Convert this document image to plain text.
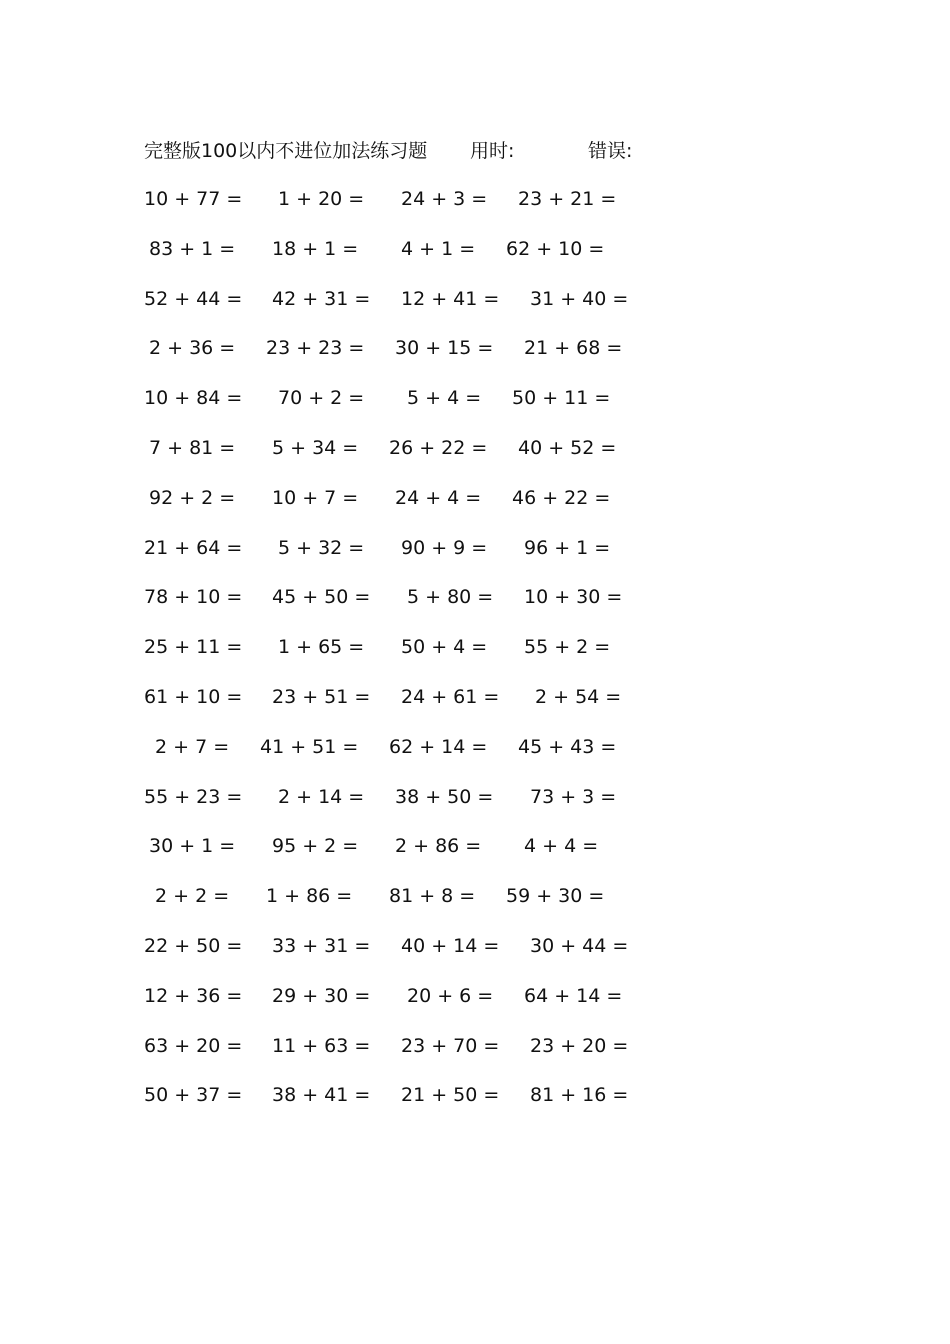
完整版100以内不进位加法练习题 用时:	错误:
10 + 77 = 1 + 20 = 24 + 3 = 23 + 21 =
83 + 1 = 18 + 1 = 4 + 1 = 62 + 10 =
52 + 44 = 42 + 31 = 12 + 41 = 31 + 40 =
2 + 36 = 23 + 23 = 30 + 15 = 21 + 68 =
10 + 84 = 70 + 2 = 5 + 4 = 50 + 11 =
7 + 81 = 5 + 34 = 26 + 22 = 40 + 52 =
92 + 2 = 10 + 7 = 24 + 4 = 46 + 22 =
21 + 64 = 5 + 32 = 90 + 9 = 96 + 1 =
78 + 10 = 45 + 50 = 5 + 80 = 10 + 30 =
25 + 11 = 1 + 65 = 50 + 4 = 55 + 2 =
61 + 10 = 23 + 51 = 24 + 61 = 2 + 54 =
2 + 7 = 41 + 51 = 62 + 14 = 45 + 43 =
55 + 23 = 2 + 14 = 38 + 50 = 73 + 3 =
30 + 1 = 95 + 2 = 2 + 86 = 4 + 4 =
2 + 2 = 1 + 86 = 81 + 8 = 59 + 30 =
22 + 50 = 33 + 31 = 40 + 14 = 30 + 44 =
12 + 36 = 29 + 30 = 20 + 6 = 64 + 14 =
63 + 20 = 11 + 63 = 23 + 70 = 23 + 20 =
50 + 37 = 38 + 41 = 21 + 50 = 81 + 16 =
